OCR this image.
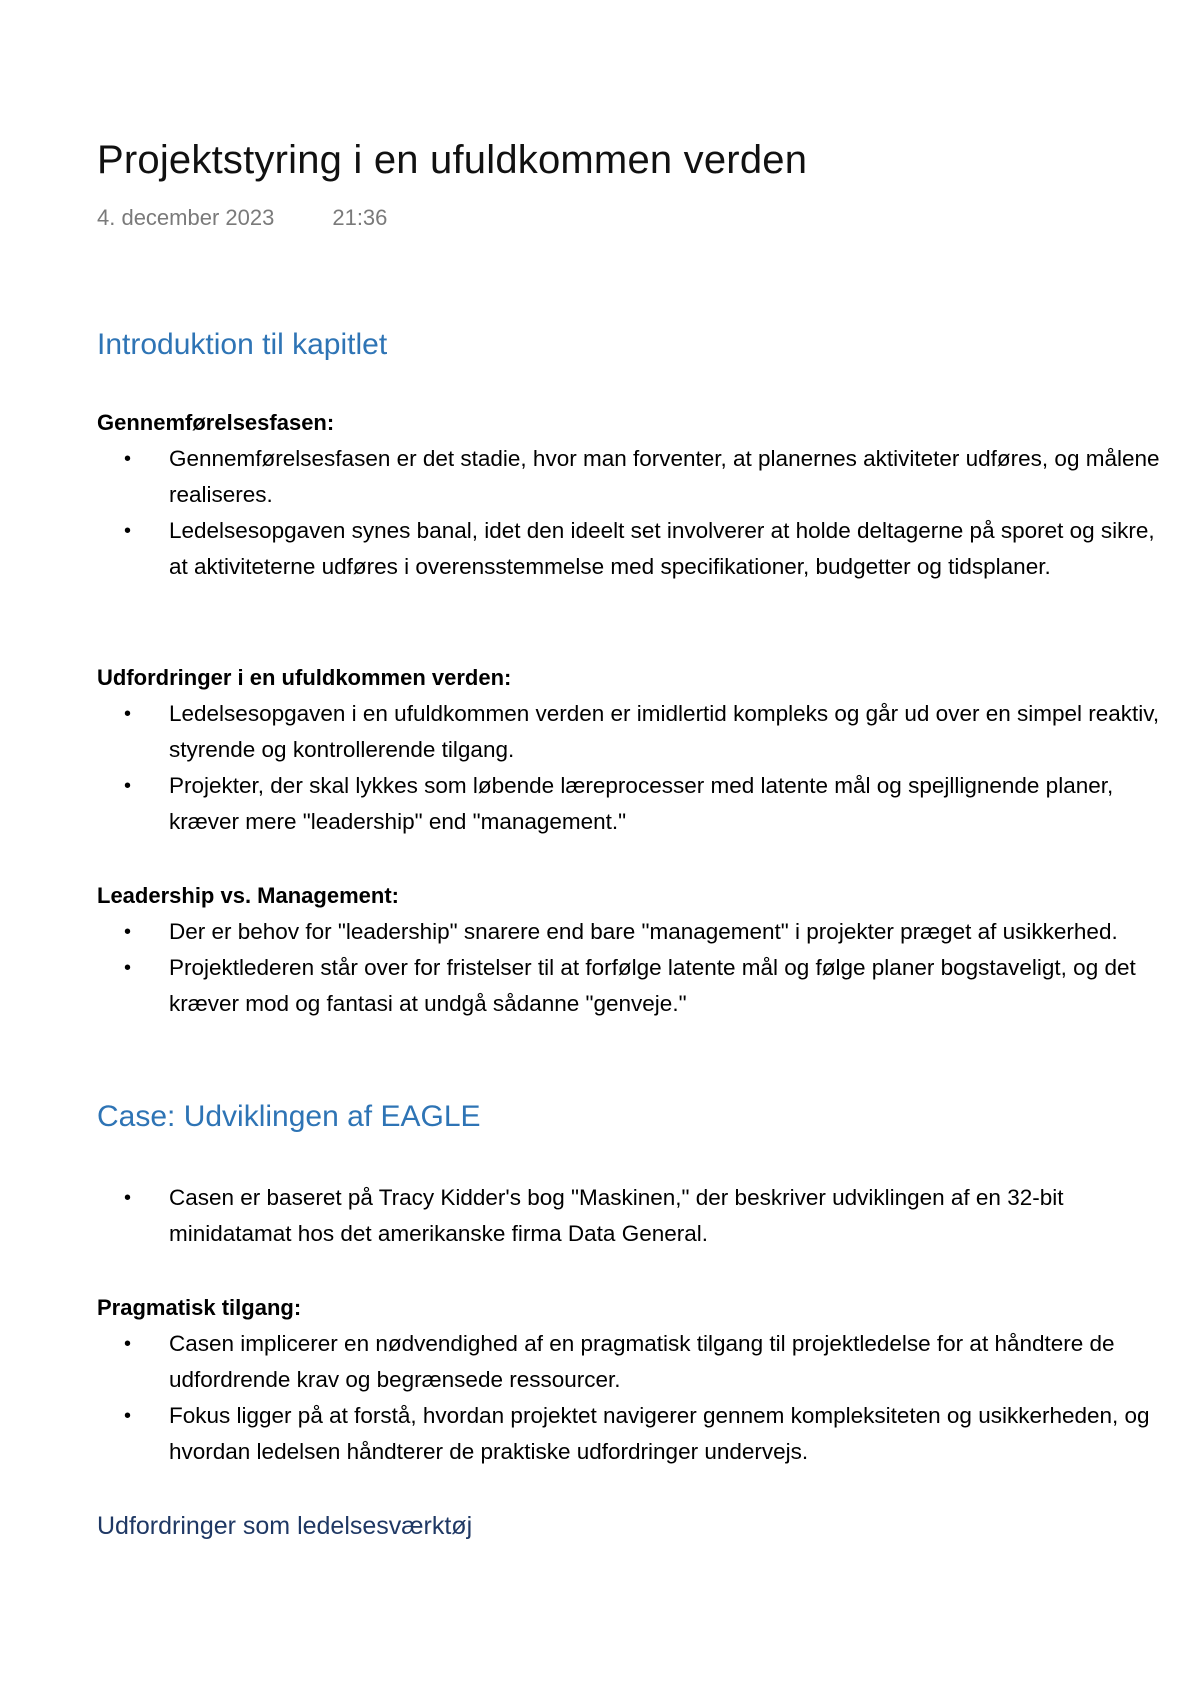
Projektstyring i en ufuldkommen verden
4. december 2023	21:36
Introduktion til kapitlet
Gennemførelsesfasen:
• Gennemførelsesfasen er det stadie, hvor man forventer, at planernes aktiviteter udføres, og målene realiseres.
• Ledelsesopgaven synes banal, idet den ideelt set involverer at holde deltagerne på sporet og sikre, at aktiviteterne udføres i overensstemmelse med specifikationer, budgetter og tidsplaner.
Udfordringer i en ufuldkommen verden:
• Ledelsesopgaven i en ufuldkommen verden er imidlertid kompleks og går ud over en simpel reaktiv, styrende og kontrollerende tilgang.
• Projekter, der skal lykkes som løbende læreprocesser med latente mål og spejllignende planer, kræver mere "leadership" end "management."
Leadership vs. Management:
• Der er behov for "leadership" snarere end bare "management" i projekter præget af usikkerhed.
• Projektlederen står over for fristelser til at forfølge latente mål og følge planer bogstaveligt, og det kræver mod og fantasi at undgå sådanne "genveje."
Case: Udviklingen af EAGLE
• Casen er baseret på Tracy Kidder's bog "Maskinen," der beskriver udviklingen af en 32-bit minidatamat hos det amerikanske firma Data General.
Pragmatisk tilgang:
• Casen implicerer en nødvendighed af en pragmatisk tilgang til projektledelse for at håndtere de udfordrende krav og begrænsede ressourcer.
• Fokus ligger på at forstå, hvordan projektet navigerer gennem kompleksiteten og usikkerheden, og hvordan ledelsen håndterer de praktiske udfordringer undervejs.
Udfordringer som ledelsesværktøj
